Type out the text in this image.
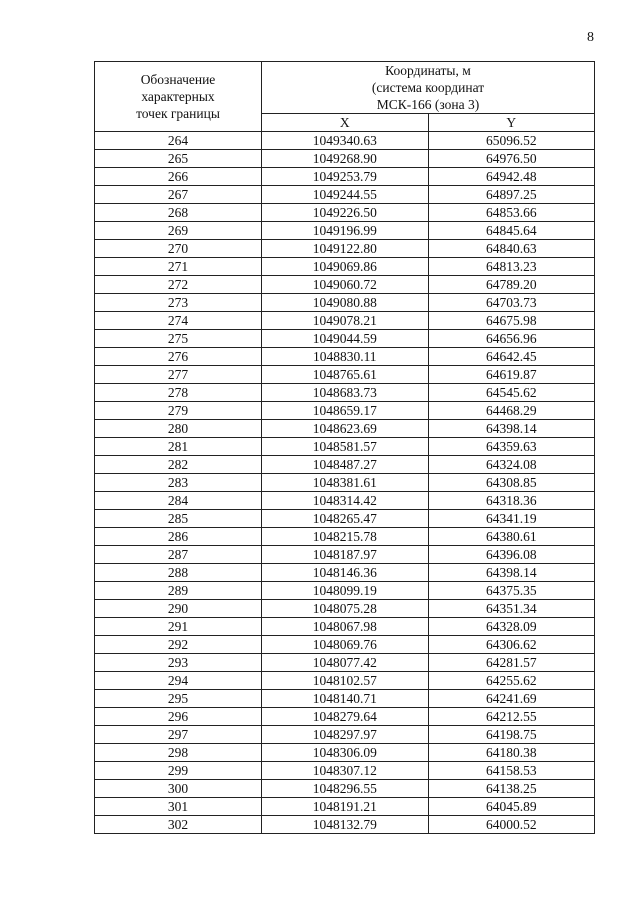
8
Обозначение
характерных
точек границы	Координаты, м
(система координат
МСК-166 (зона 3)	

	X	Y
264	1049340.63	65096.52
265	1049268.90	64976.50
266	1049253.79	64942.48
267	1049244.55	64897.25
268	1049226.50	64853.66
269	1049196.99	64845.64
270	1049122.80	64840.63
271	1049069.86	64813.23
272	1049060.72	64789.20
273	1049080.88	64703.73
274	1049078.21	64675.98
275	1049044.59	64656.96
276	1048830.11	64642.45
277	1048765.61	64619.87
278	1048683.73	64545.62
279	1048659.17	64468.29
280	1048623.69	64398.14
281	1048581.57	64359.63
282	1048487.27	64324.08
283	1048381.61	64308.85
284	1048314.42	64318.36
285	1048265.47	64341.19
286	1048215.78	64380.61
287	1048187.97	64396.08
288	1048146.36	64398.14
289	1048099.19	64375.35
290	1048075.28	64351.34
291	1048067.98	64328.09
292	1048069.76	64306.62
293	1048077.42	64281.57
294	1048102.57	64255.62
295	1048140.71	64241.69
296	1048279.64	64212.55
297	1048297.97	64198.75
298	1048306.09	64180.38
299	1048307.12	64158.53
300	1048296.55	64138.25
301	1048191.21	64045.89
302	1048132.79	64000.52
